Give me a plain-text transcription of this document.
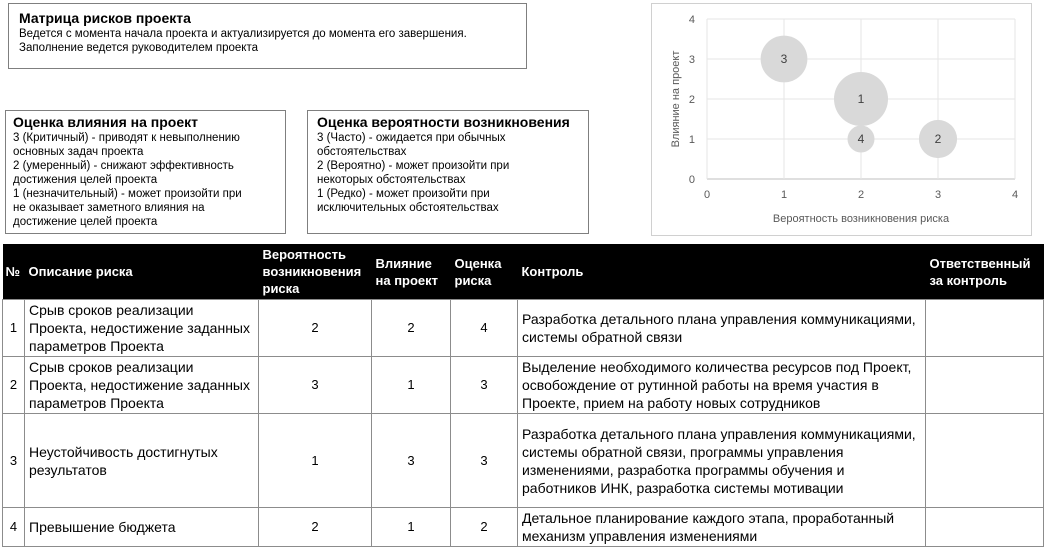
Матрица рисков проекта
Ведется с момента начала проекта и актуализируется до момента его завершения.
Заполнение ведется руководителем проекта
Оценка влияния на проект
3 (Критичный) - приводят к невыполнению
основных задач проекта
2 (умеренный) - снижают эффективность
достижения целей проекта
1 (незначительный) - может произойти при
не оказывает заметного влияния на
достижение целей проекта
Оценка вероятности возникновения
3 (Часто) - ожидается при обычных
обстоятельствах
2 (Вероятно) - может произойти при
некоторых обстоятельствах
1 (Редко) - может произойти при
исключительных обстоятельствах
0	1	2	3	4
0
1
2
3
4
Вероятность возникновения риска
Влияние на проект	1
2
3
4
№	Описание риска	Вероятность возникновения риска	Влияние на проект	Оценка риска	Контроль	Ответственный за контроль
1	Срыв сроков реализации Проекта, недостижение заданных параметров Проекта	2	2	4	Разработка детального плана управления коммуникациями, системы обратной связи	
2	Срыв сроков реализации Проекта, недостижение заданных параметров Проекта	3	1	3	Выделение необходимого количества ресурсов под Проект, освобождение от рутинной работы на время участия в Проекте, прием на работу новых сотрудников	
3	Неустойчивость достигнутых результатов	1	3	3	Разработка детального плана управления коммуникациями, системы обратной связи, программы управления изменениями, разработка программы обучения и работников ИНК, разработка системы мотивации	
4	Превышение бюджета	2	1	2	Детальное планирование каждого этапа, проработанный механизм управления изменениями	
